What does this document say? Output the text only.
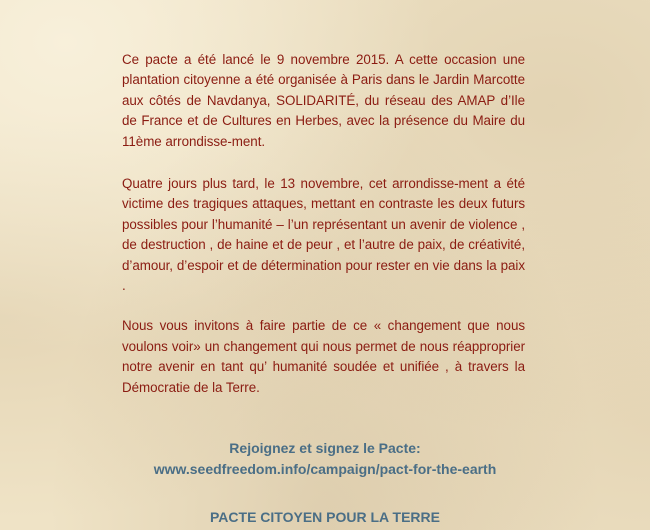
Ce pacte a été lancé le 9 novembre 2015. A cette occasion une plantation citoyenne a été organisée à Paris dans le Jardin Marcotte aux côtés de Navdanya, SOLIDARITÉ, du réseau des AMAP d’Ile de France et de Cultures en Herbes, avec la présence du Maire du 11ème arrondisse-ment.

Quatre jours plus tard, le 13 novembre, cet arrondisse-ment a été victime des tragiques attaques, mettant en contraste les deux futurs possibles pour l’humanité – l’un représentant un avenir de violence , de destruction , de haine et de peur , et l’autre de paix, de créativité, d’amour, d’espoir et de détermination pour rester en vie dans la paix .

Nous vous invitons à faire partie de ce « changement que nous voulons voir» un changement qui nous permet de nous réapproprier notre avenir en tant qu’ humanité soudée et unifiée , à travers la Démocratie de la Terre.

Rejoignez et signez le Pacte:
www.seedfreedom.info/campaign/pact-for-the-earth
PACTE CITOYEN POUR LA TERRE
